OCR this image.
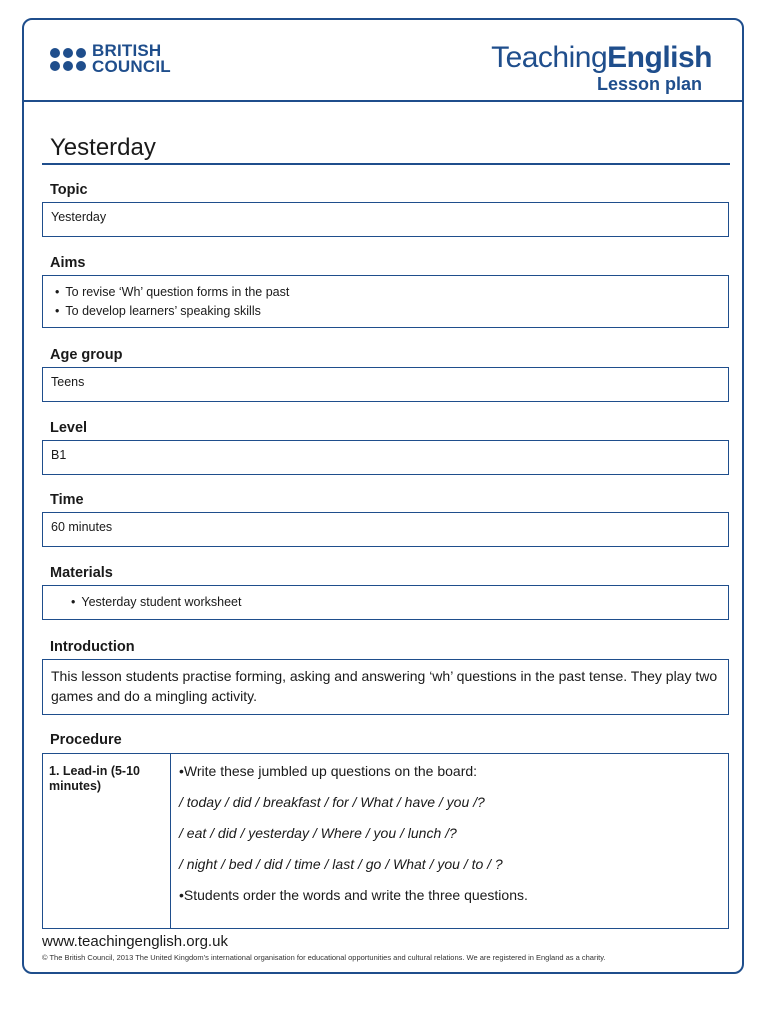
BRITISH
COUNCIL	TeachingEnglish
Lesson plan
Yesterday
Topic
Yesterday
Aims
• To revise ‘Wh’ question forms in the past
• To develop learners’ speaking skills
Age group
Teens
Level
B1
Time
60 minutes
Materials
• Yesterday student worksheet
Introduction
This lesson students practise forming, asking and answering ‘wh’ questions in the past tense. They play two games and do a mingling activity.
Procedure
1. Lead-in (5-10 minutes)

• Write these jumbled up questions on the board:

/ today / did / breakfast / for / What / have / you /?

/ eat / did / yesterday / Where / you / lunch /?

/ night / bed / did / time / last / go / What / you / to / ?

• Students order the words and write the three questions.

www.teachingenglish.org.uk
© The British Council, 2013 The United Kingdom’s international organisation for educational opportunities and cultural relations. We are registered in England as a charity.
